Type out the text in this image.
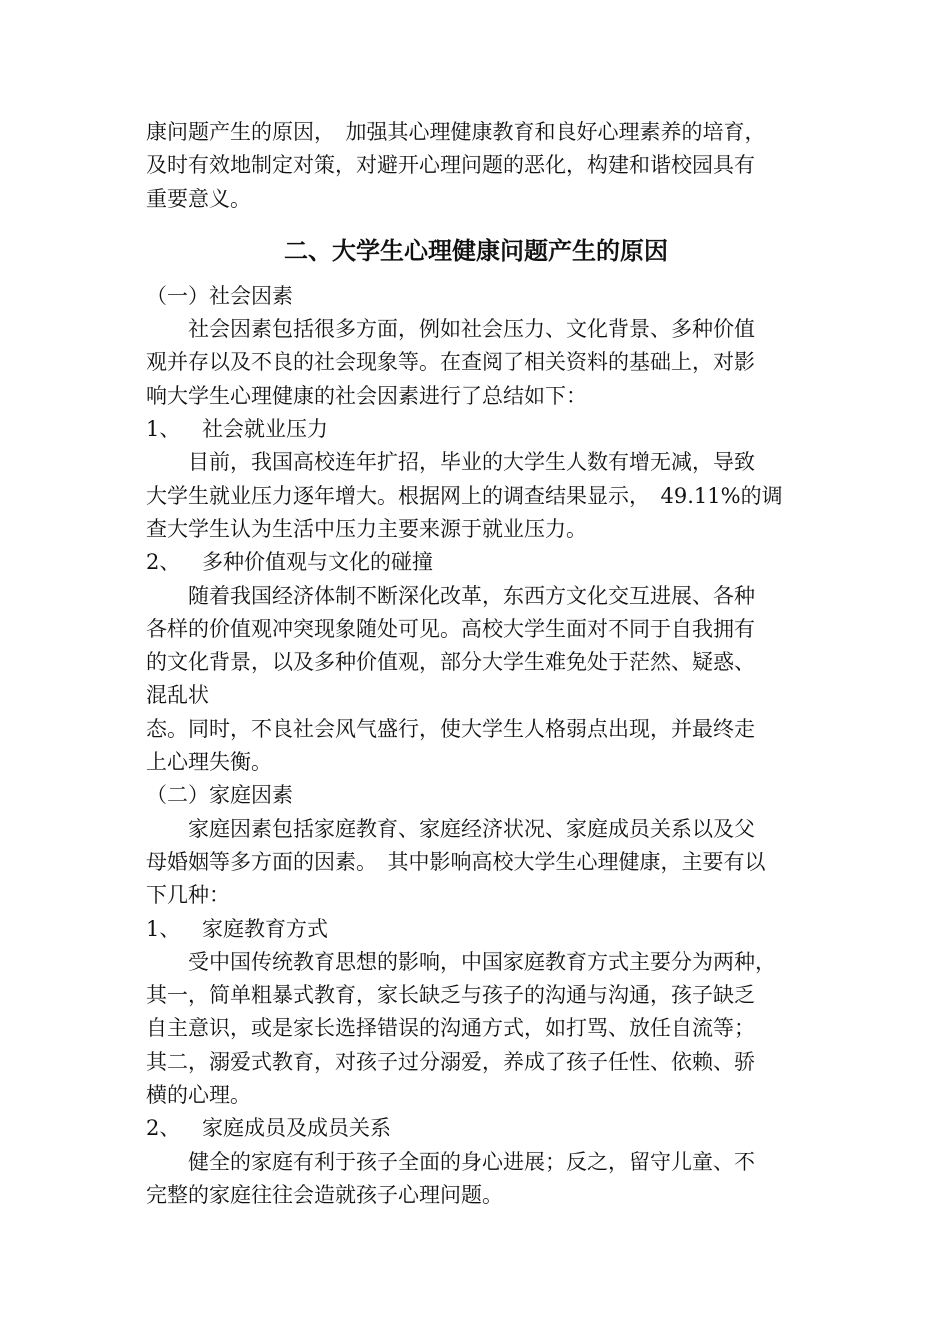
康问题产生的原因，　加强其心理健康教育和良好心理素养的培育，

及时有效地制定对策，对避开心理问题的恶化，构建和谐校园具有

重要意义。

二、大学生心理健康问题产生的原因

（一）社会因素

社会因素包括很多方面，例如社会压力、文化背景、多种价值

观并存以及不良的社会现象等。在查阅了相关资料的基础上，对影

响大学生心理健康的社会因素进行了总结如下：

1、 社会就业压力

目前，我国高校连年扩招，毕业的大学生人数有增无减，导致

大学生就业压力逐年增大。根据网上的调查结果显示，　49.11%的调

查大学生认为生活中压力主要来源于就业压力。

2、 多种价值观与文化的碰撞

随着我国经济体制不断深化改革，东西方文化交互进展、各种

各样的价值观冲突现象随处可见。高校大学生面对不同于自我拥有

的文化背景，以及多种价值观，部分大学生难免处于茫然、疑惑、

混乱状

态。同时，不良社会风气盛行，使大学生人格弱点出现，并最终走

上心理失衡。

（二）家庭因素

家庭因素包括家庭教育、家庭经济状况、家庭成员关系以及父

母婚姻等多方面的因素。　其中影响高校大学生心理健康，主要有以

下几种：

1、 家庭教育方式

受中国传统教育思想的影响，中国家庭教育方式主要分为两种，

其一，简单粗暴式教育，家长缺乏与孩子的沟通与沟通，孩子缺乏

自主意识，或是家长选择错误的沟通方式，如打骂、放任自流等；

其二，溺爱式教育，对孩子过分溺爱，养成了孩子任性、依赖、骄

横的心理。

2、 家庭成员及成员关系

健全的家庭有利于孩子全面的身心进展；反之，留守儿童、不

完整的家庭往往会造就孩子心理问题。
